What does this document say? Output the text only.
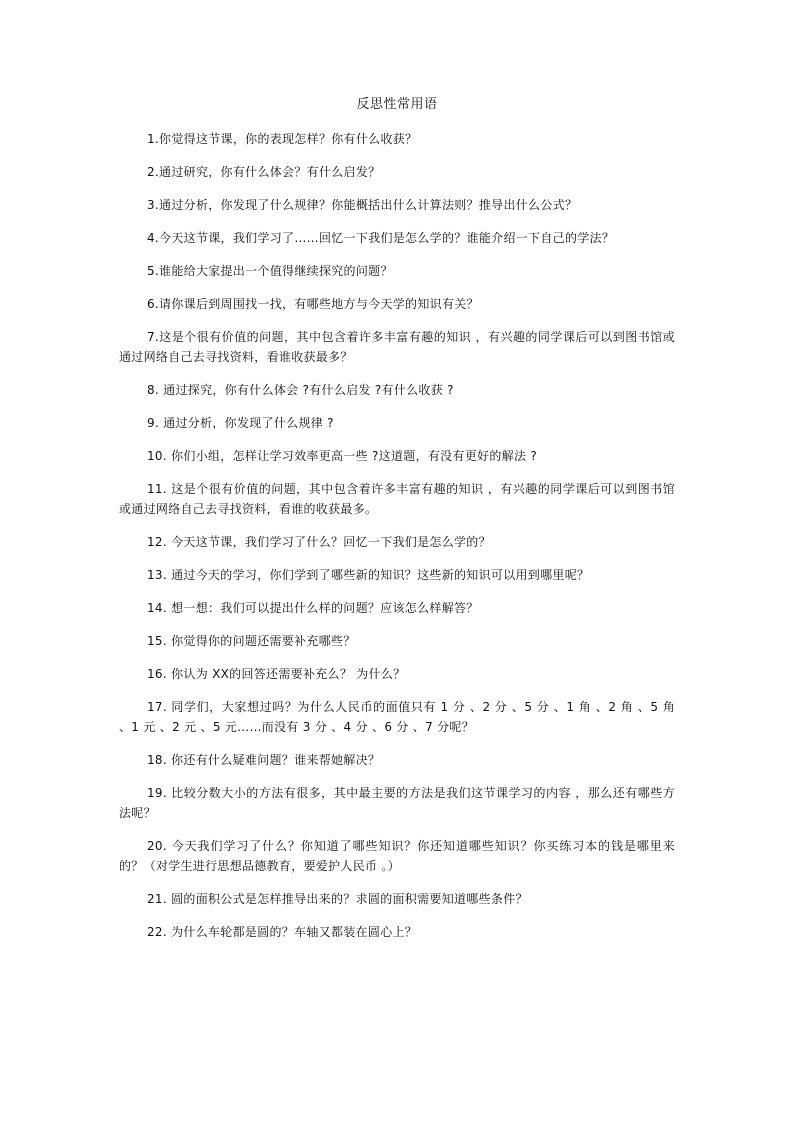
反思性常用语
1.你觉得这节课，你的表现怎样？你有什么收获？
2.通过研究，你有什么体会？有什么启发？
3.通过分析，你发现了什么规律？你能概括出什么计算法则？推导出什么公式？
4.今天这节课，我们学习了……回忆一下我们是怎么学的？谁能介绍一下自己的学法？
5.谁能给大家提出一个值得继续探究的问题？
6.请你课后到周围找一找，有哪些地方与今天学的知识有关？
7.这是个很有价值的问题，其中包含着许多丰富有趣的知识 ，有兴趣的同学课后可以到图书馆或通过网络自己去寻找资料，看谁收获最多？
8. 通过探究，你有什么体会 ?有什么启发 ?有什么收获 ?
9. 通过分析，你发现了什么规律 ?
10. 你们小组，怎样让学习效率更高一些 ?这道题，有没有更好的解法 ?
11. 这是个很有价值的问题，其中包含着许多丰富有趣的知识 ，有兴趣的同学课后可以到图书馆或通过网络自己去寻找资料，看谁的收获最多。
12. 今天这节课，我们学习了什么？回忆一下我们是怎么学的？
13. 通过今天的学习，你们学到了哪些新的知识？这些新的知识可以用到哪里呢？
14. 想一想：我们可以提出什么样的问题？应该怎么样解答？
15. 你觉得你的问题还需要补充哪些？
16. 你认为 XX的回答还需要补充么？ 为什么？
17. 同学们，大家想过吗？为什么人民币的面值只有 1 分 、2 分 、5 分 、1 角 、2 角 、5 角 、1 元 、2 元 、5 元……而没有 3 分 、4 分 、6 分 、7 分呢？
18. 你还有什么疑难问题？谁来帮她解决？
19. 比较分数大小的方法有很多，其中最主要的方法是我们这节课学习的内容 ，那么还有哪些方法呢？
20. 今天我们学习了什么？你知道了哪些知识？你还知道哪些知识？你买练习本的钱是哪里来的？（对学生进行思想品德教育，要爱护人民币 。）
21. 圆的面积公式是怎样推导出来的？求圆的面积需要知道哪些条件？
22. 为什么车轮都是圆的？车轴又都装在圆心上？
